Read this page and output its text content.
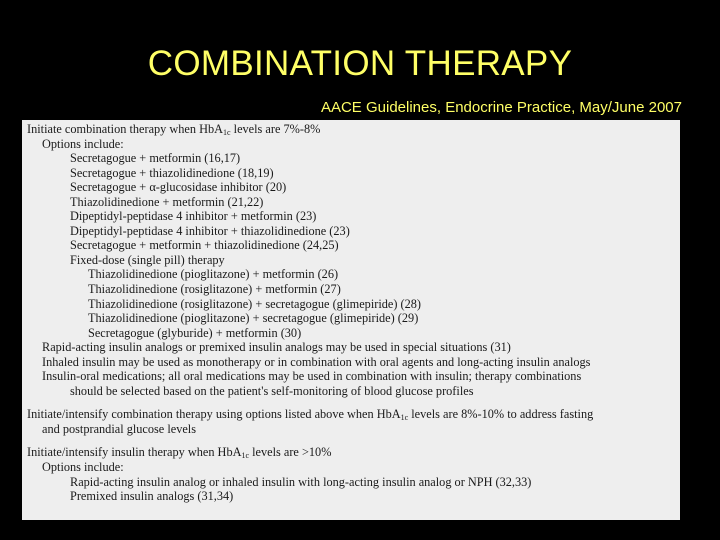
COMBINATION THERAPY
AACE Guidelines, Endocrine Practice, May/June 2007
Initiate combination therapy when HbA$_{1c}$ levels are 7%-8%
Options include:
Secretagogue + metformin (16,17)
Secretagogue + thiazolidinedione (18,19)
Secretagogue + α-glucosidase inhibitor (20)
Thiazolidinedione + metformin (21,22)
Dipeptidyl-peptidase 4 inhibitor + metformin (23)
Dipeptidyl-peptidase 4 inhibitor + thiazolidinedione (23)
Secretagogue + metformin + thiazolidinedione (24,25)
Fixed-dose (single pill) therapy
Thiazolidinedione (pioglitazone) + metformin (26)
Thiazolidinedione (rosiglitazone) + metformin (27)
Thiazolidinedione (rosiglitazone) + secretagogue (glimepiride) (28)
Thiazolidinedione (pioglitazone) + secretagogue (glimepiride) (29)
Secretagogue (glyburide) + metformin (30)
Rapid-acting insulin analogs or premixed insulin analogs may be used in special situations (31)
Inhaled insulin may be used as monotherapy or in combination with oral agents and long-acting insulin analogs
Insulin-oral medications; all oral medications may be used in combination with insulin; therapy combinations
should be selected based on the patient's self-monitoring of blood glucose profiles
Initiate/intensify combination therapy using options listed above when HbA$_{1c}$ levels are 8%-10% to address fasting
and postprandial glucose levels
Initiate/intensify insulin therapy when HbA$_{1c}$ levels are >10%
Options include:
Rapid-acting insulin analog or inhaled insulin with long-acting insulin analog or NPH (32,33)
Premixed insulin analogs (31,34)
